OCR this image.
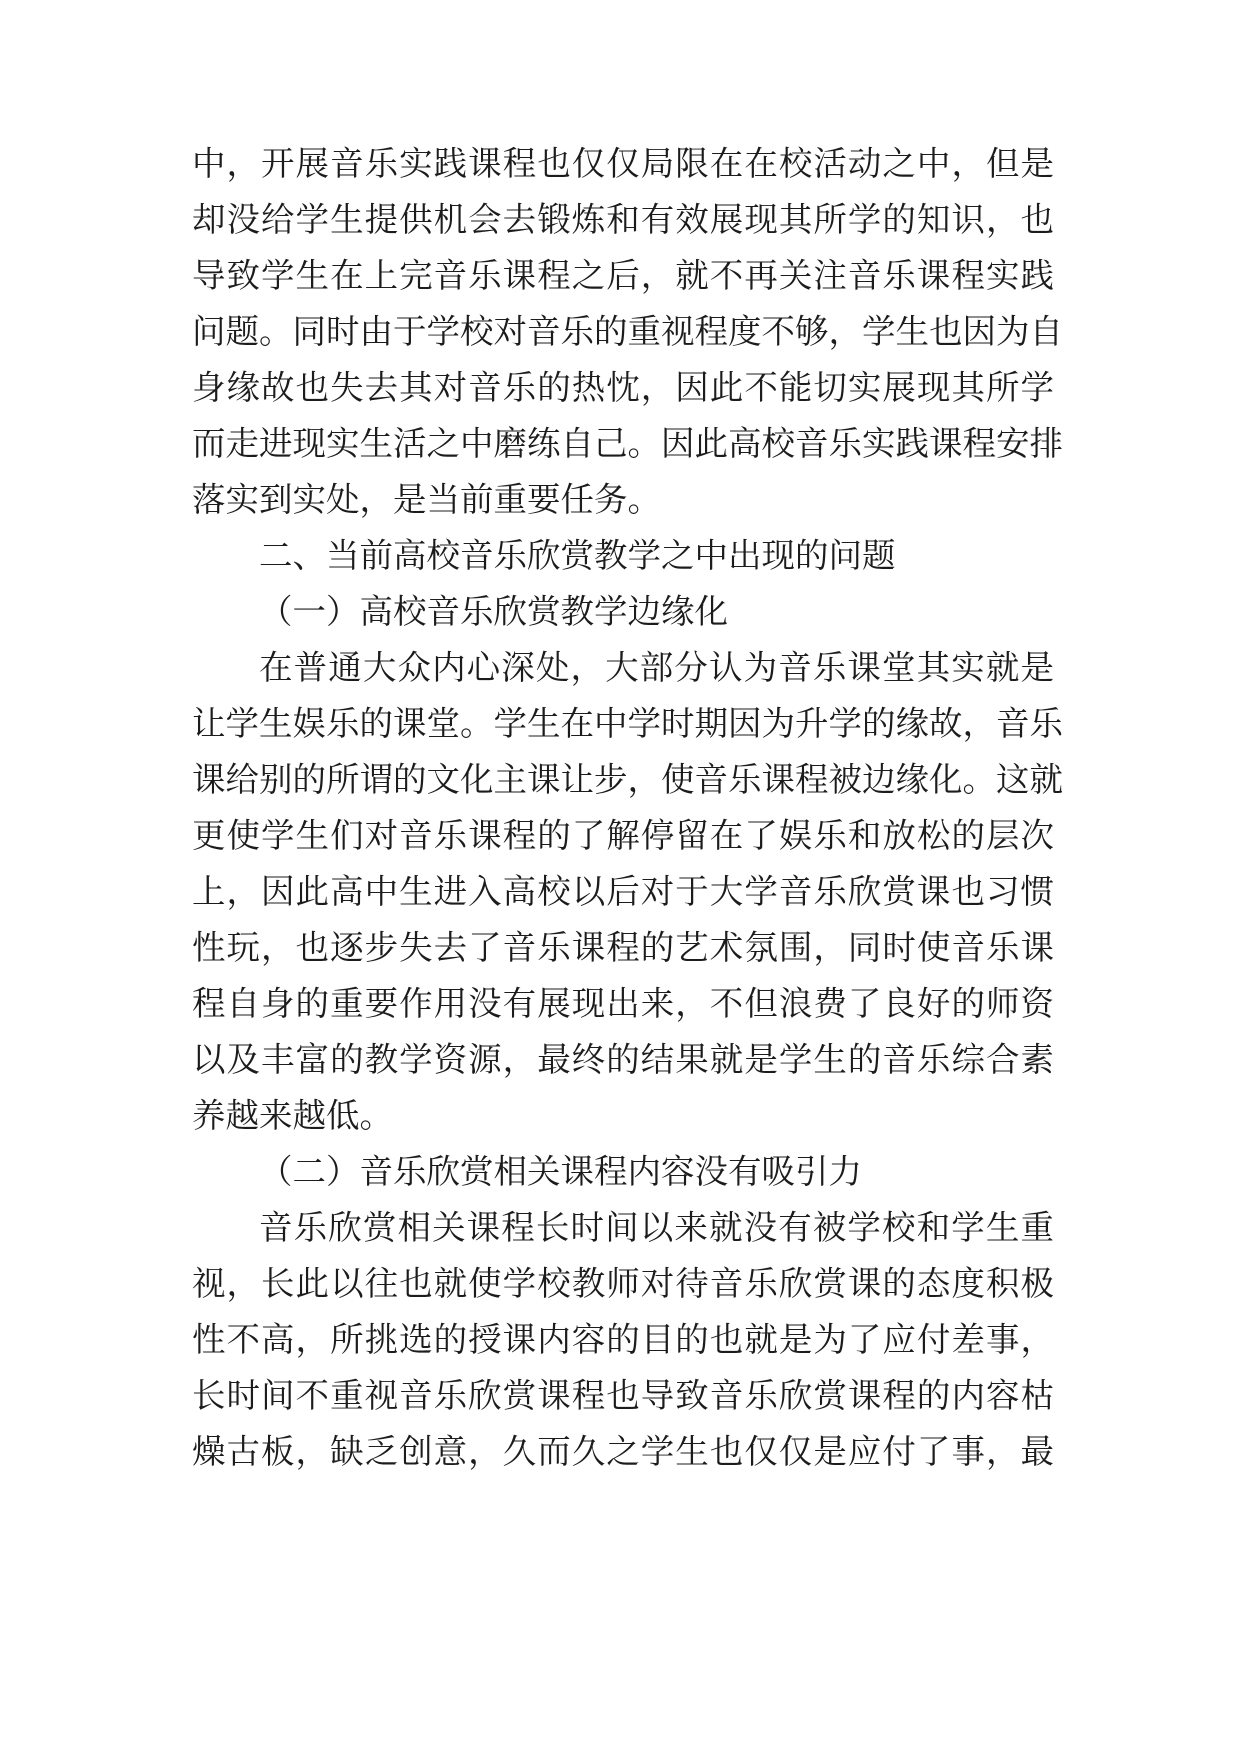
中，开展音乐实践课程也仅仅局限在在校活动之中，但是
却没给学生提供机会去锻炼和有效展现其所学的知识，也
导致学生在上完音乐课程之后，就不再关注音乐课程实践
问题。同时由于学校对音乐的重视程度不够，学生也因为自
身缘故也失去其对音乐的热忱，因此不能切实展现其所学
而走进现实生活之中磨练自己。因此高校音乐实践课程安排
落实到实处，是当前重要任务。
二、当前高校音乐欣赏教学之中出现的问题
（一）高校音乐欣赏教学边缘化
在普通大众内心深处，大部分认为音乐课堂其实就是
让学生娱乐的课堂。学生在中学时期因为升学的缘故，音乐
课给别的所谓的文化主课让步，使音乐课程被边缘化。这就
更使学生们对音乐课程的了解停留在了娱乐和放松的层次
上，因此高中生进入高校以后对于大学音乐欣赏课也习惯
性玩，也逐步失去了音乐课程的艺术氛围，同时使音乐课
程自身的重要作用没有展现出来，不但浪费了良好的师资
以及丰富的教学资源，最终的结果就是学生的音乐综合素
养越来越低。
（二）音乐欣赏相关课程内容没有吸引力
音乐欣赏相关课程长时间以来就没有被学校和学生重
视，长此以往也就使学校教师对待音乐欣赏课的态度积极
性不高，所挑选的授课内容的目的也就是为了应付差事，
长时间不重视音乐欣赏课程也导致音乐欣赏课程的内容枯
燥古板，缺乏创意，久而久之学生也仅仅是应付了事，最
